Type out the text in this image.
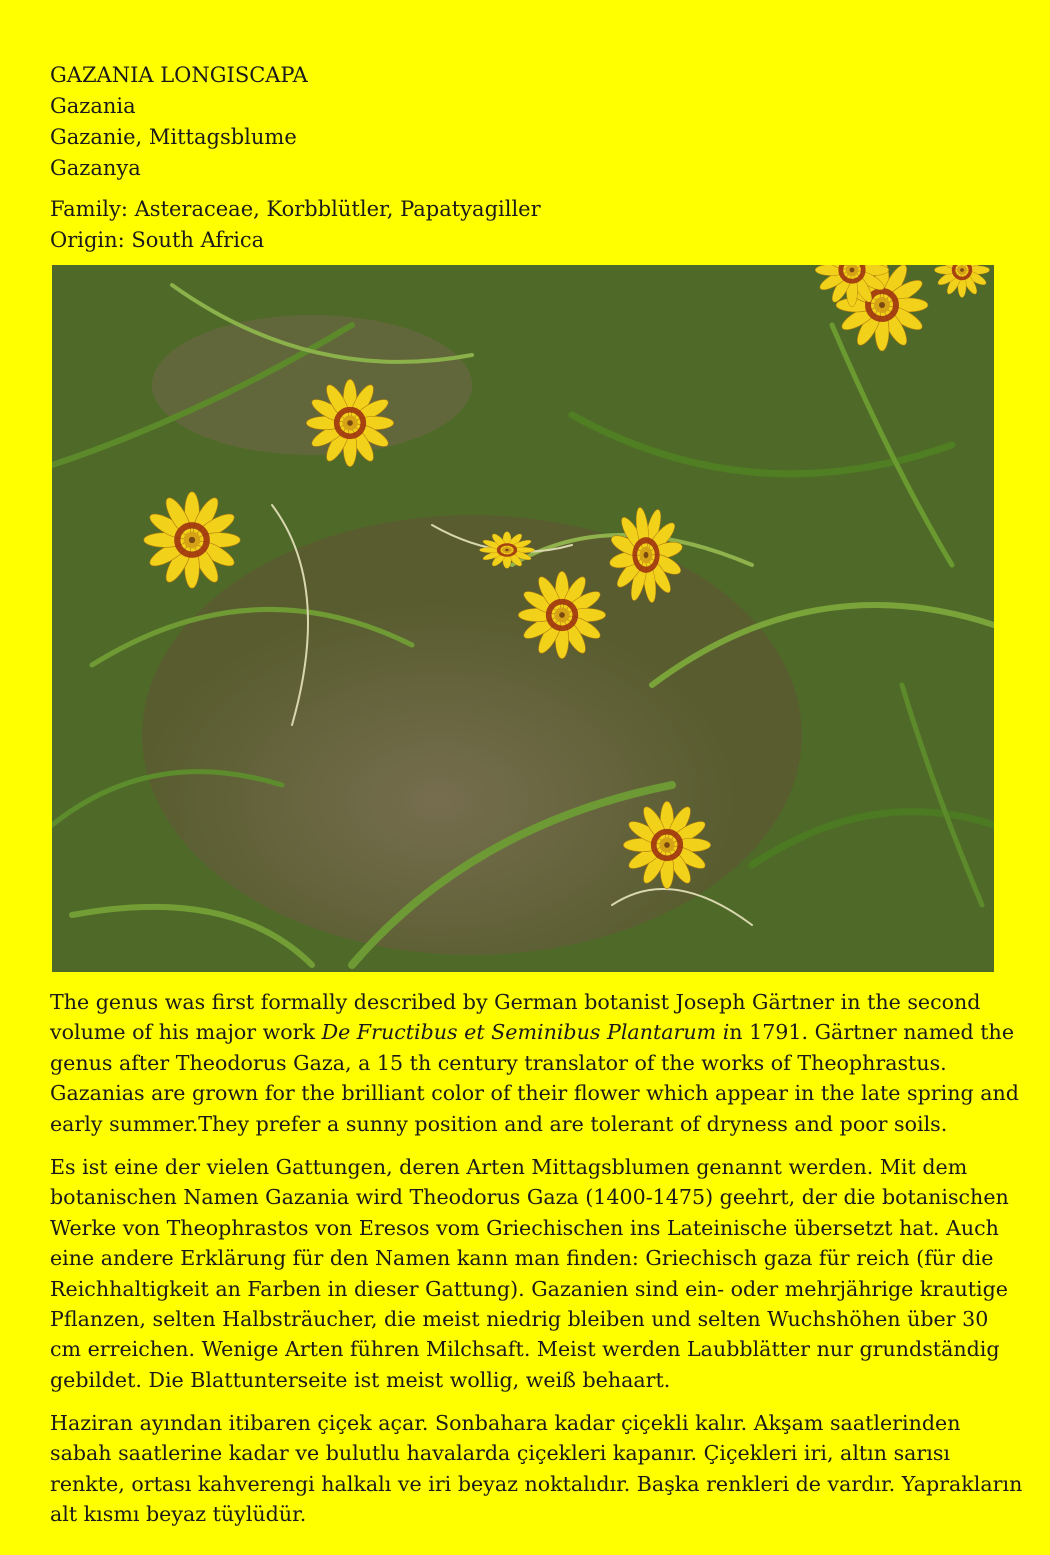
GAZANIA LONGISCAPA
Gazania
Gazanie, Mittagsblume
Gazanya
Family: Asteraceae, Korbblütler, Papatyagiller
Origin: South Africa

The genus was first formally described by German botanist Joseph Gärtner in the second volume of his major work De Fructibus et Seminibus Plantarum in 1791. Gärtner named the genus after Theodorus Gaza, a 15 th century translator of the works of Theophrastus. Gazanias are grown for the brilliant color of their flower which appear in the late spring and early summer.They prefer a sunny position and are tolerant of dryness and poor soils.

Es ist eine der vielen Gattungen, deren Arten Mittagsblumen genannt werden. Mit dem botanischen Namen Gazania wird Theodorus Gaza (1400-1475) geehrt, der die botanischen Werke von Theophrastos von Eresos vom Griechischen ins Lateinische übersetzt hat. Auch eine andere Erklärung für den Namen kann man finden: Griechisch gaza für reich (für die Reichhaltigkeit an Farben in dieser Gattung). Gazanien sind ein- oder mehrjährige krautige Pflanzen, selten Halbsträucher, die meist niedrig bleiben und selten Wuchshöhen über 30 cm erreichen. Wenige Arten führen Milchsaft. Meist werden Laubblätter nur grundständig gebildet. Die Blattunterseite ist meist wollig, weiß behaart.

Haziran ayından itibaren çiçek açar. Sonbahara kadar çiçekli kalır. Akşam saatlerinden sabah saatlerine kadar ve bulutlu havalarda çiçekleri kapanır. Çiçekleri iri, altın sarısı renkte, ortası kahverengi halkalı ve iri beyaz noktalıdır. Başka renkleri de vardır. Yaprakların alt kısmı beyaz tüylüdür.
